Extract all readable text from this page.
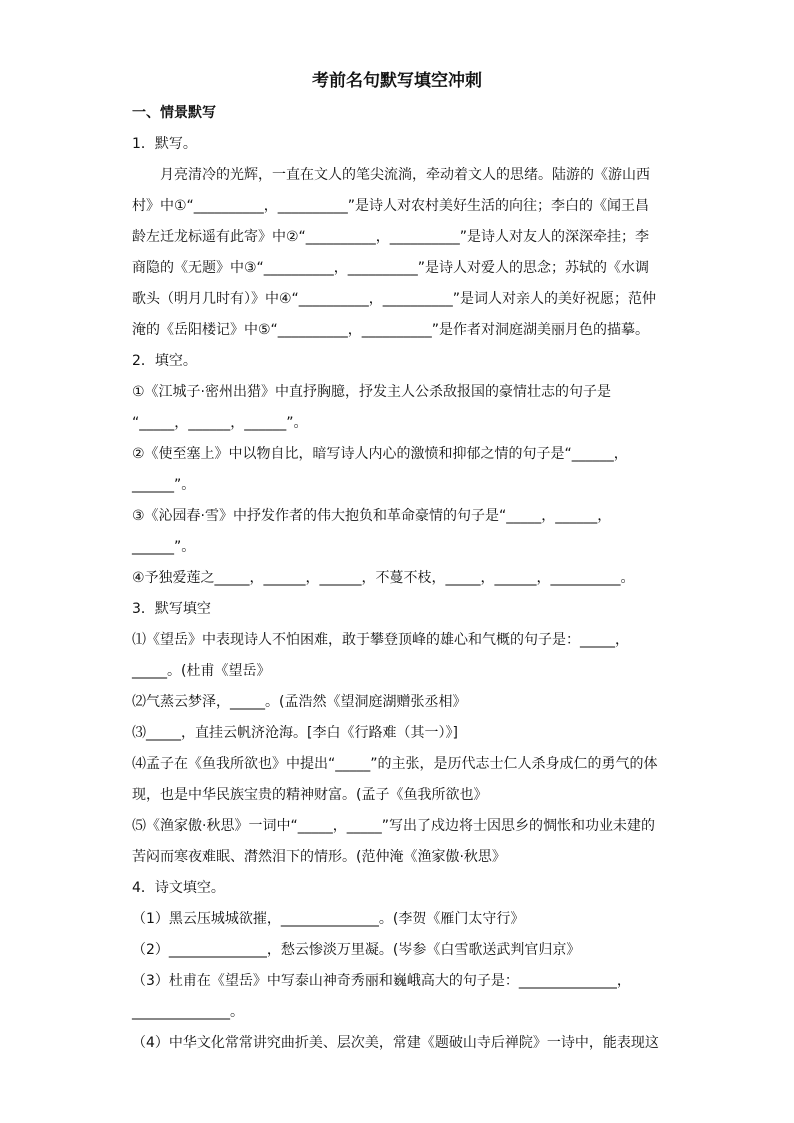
考前名句默写填空冲刺

一、情景默写

1．默写。

月亮清冷的光辉，一直在文人的笔尖流淌，牵动着文人的思绪。陆游的《游山西

村》中①“__________，__________”是诗人对农村美好生活的向往；李白的《闻王昌

龄左迁龙标遥有此寄》中②“__________，__________”是诗人对友人的深深牵挂；李

商隐的《无题》中③“__________，__________”是诗人对爱人的思念；苏轼的《水调

歌头（明月几时有）》中④“__________，__________”是词人对亲人的美好祝愿；范仲

淹的《岳阳楼记》中⑤“__________，__________”是作者对洞庭湖美丽月色的描摹。

2．填空。

①《江城子·密州出猎》中直抒胸臆，抒发主人公杀敌报国的豪情壮志的句子是

“_____，______，______”。

②《使至塞上》中以物自比，暗写诗人内心的激愤和抑郁之情的句子是“______，

______”。

③《沁园春·雪》中抒发作者的伟大抱负和革命豪情的句子是“_____，______，

______”。

④予独爱莲之_____，______，______，不蔓不枝，_____，______，__________。

3．默写填空

⑴《望岳》中表现诗人不怕困难，敢于攀登顶峰的雄心和气概的句子是：_____，

_____。(杜甫《望岳》

⑵气蒸云梦泽，_____。(孟浩然《望洞庭湖赠张丞相》

⑶_____，直挂云帆济沧海。[李白《行路难（其一）》]

⑷孟子在《鱼我所欲也》中提出“_____”的主张，是历代志士仁人杀身成仁的勇气的体

现，也是中华民族宝贵的精神财富。(孟子《鱼我所欲也》

⑸《渔家傲·秋思》一词中“_____，_____”写出了戍边将士因思乡的惆怅和功业未建的

苦闷而寒夜难眠、潸然泪下的情形。(范仲淹《渔家傲·秋思》

4．诗文填空。

（1）黑云压城城欲摧，______________。(李贺《雁门太守行》

（2）______________，愁云惨淡万里凝。(岑参《白雪歌送武判官归京》

（3）杜甫在《望岳》中写泰山神奇秀丽和巍峨高大的句子是：______________，

______________。

（4）中华文化常常讲究曲折美、层次美，常建《题破山寺后禅院》一诗中，能表现这
